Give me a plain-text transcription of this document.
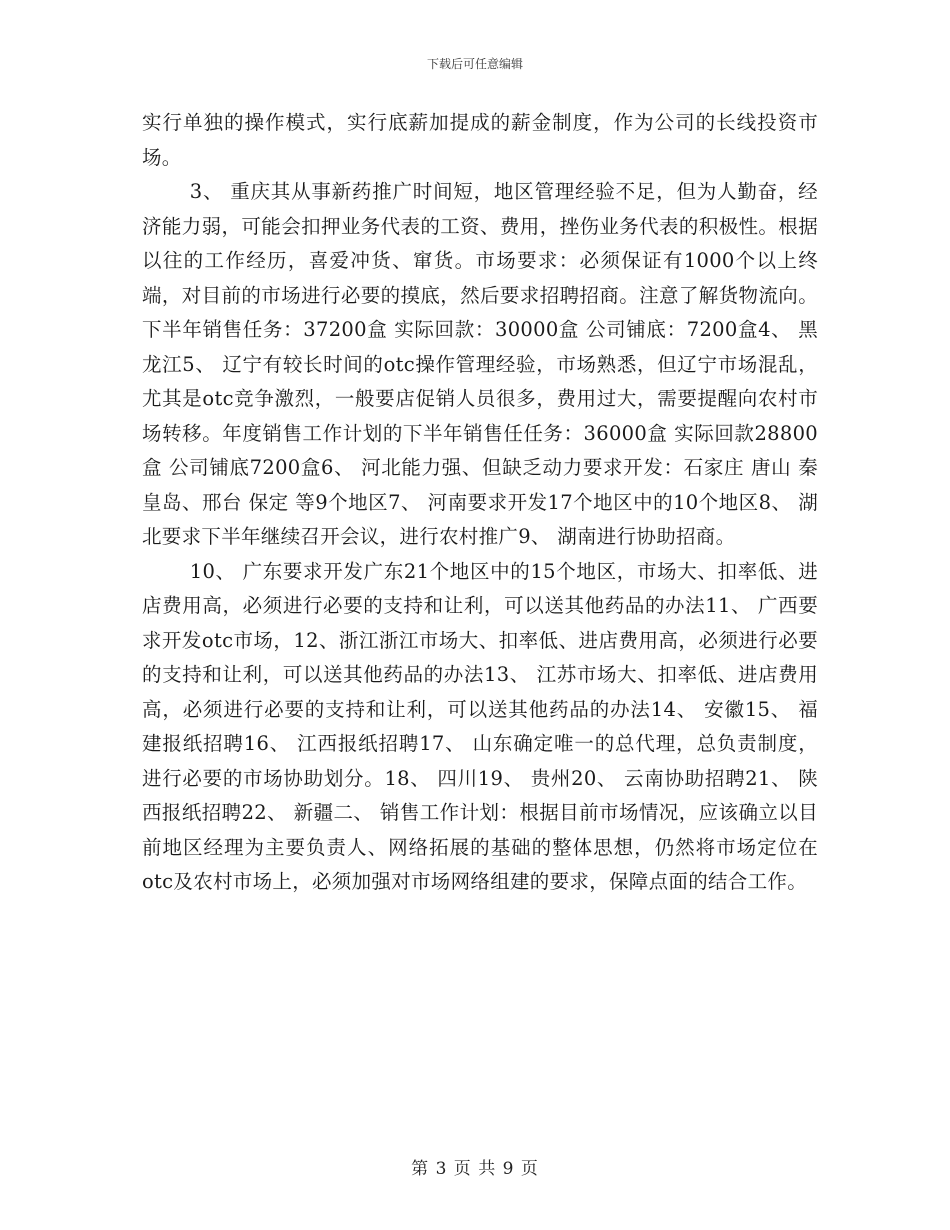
下载后可任意编辑

实行单独的操作模式，实行底薪加提成的薪金制度，作为公司的长线投资市场。

3、 重庆其从事新药推广时间短，地区管理经验不足，但为人勤奋，经济能力弱，可能会扣押业务代表的工资、费用，挫伤业务代表的积极性。根据以往的工作经历，喜爱冲货、窜货。市场要求：必须保证有1000个以上终端，对目前的市场进行必要的摸底，然后要求招聘招商。注意了解货物流向。下半年销售任务：37200盒 实际回款：30000盒 公司铺底：7200盒4、 黑龙江5、 辽宁有较长时间的otc操作管理经验，市场熟悉，但辽宁市场混乱，尤其是otc竞争激烈，一般要店促销人员很多，费用过大，需要提醒向农村市场转移。年度销售工作计划的下半年销售任任务：36000盒 实际回款28800盒 公司铺底7200盒6、 河北能力强、但缺乏动力要求开发：石家庄 唐山 秦皇岛、邢台 保定 等9个地区7、 河南要求开发17个地区中的10个地区8、 湖北要求下半年继续召开会议，进行农村推广9、 湖南进行协助招商。

10、 广东要求开发广东21个地区中的15个地区，市场大、扣率低、进店费用高，必须进行必要的支持和让利，可以送其他药品的办法11、 广西要求开发otc市场，12、浙江浙江市场大、扣率低、进店费用高，必须进行必要的支持和让利，可以送其他药品的办法13、 江苏市场大、扣率低、进店费用高，必须进行必要的支持和让利，可以送其他药品的办法14、 安徽15、 福建报纸招聘16、 江西报纸招聘17、 山东确定唯一的总代理，总负责制度，进行必要的市场协助划分。18、 四川19、 贵州20、 云南协助招聘21、 陕西报纸招聘22、 新疆二、 销售工作计划：根据目前市场情况，应该确立以目前地区经理为主要负责人、网络拓展的基础的整体思想，仍然将市场定位在otc及农村市场上，必须加强对市场网络组建的要求，保障点面的结合工作。

第 3 页 共 9 页
